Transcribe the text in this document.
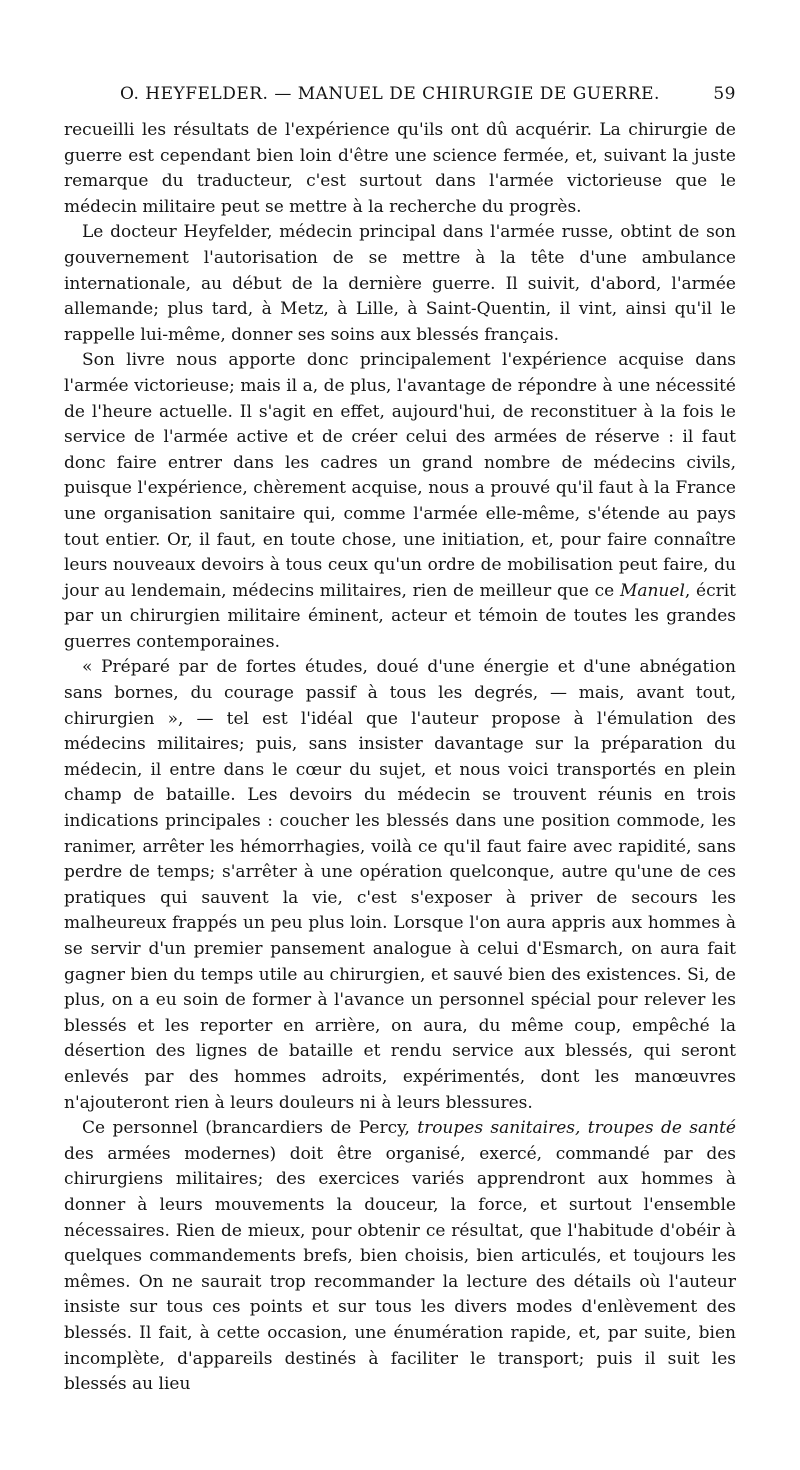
O. HEYFELDER. — MANUEL DE CHIRURGIE DE GUERRE.	59

recueilli les résultats de l'expérience qu'ils ont dû acquérir. La chirurgie de guerre est cependant bien loin d'être une science fermée, et, suivant la juste remarque du traducteur, c'est surtout dans l'armée victorieuse que le médecin militaire peut se mettre à la recherche du progrès.

Le docteur Heyfelder, médecin principal dans l'armée russe, obtint de son gouvernement l'autorisation de se mettre à la tête d'une ambulance internationale, au début de la dernière guerre. Il suivit, d'abord, l'armée allemande; plus tard, à Metz, à Lille, à Saint-Quentin, il vint, ainsi qu'il le rappelle lui-même, donner ses soins aux blessés français.

Son livre nous apporte donc principalement l'expérience acquise dans l'armée victorieuse; mais il a, de plus, l'avantage de répondre à une nécessité de l'heure actuelle. Il s'agit en effet, aujourd'hui, de reconstituer à la fois le service de l'armée active et de créer celui des armées de réserve : il faut donc faire entrer dans les cadres un grand nombre de médecins civils, puisque l'expérience, chèrement acquise, nous a prouvé qu'il faut à la France une organisation sanitaire qui, comme l'armée elle-même, s'étende au pays tout entier. Or, il faut, en toute chose, une initiation, et, pour faire connaître leurs nouveaux devoirs à tous ceux qu'un ordre de mobilisation peut faire, du jour au lendemain, médecins militaires, rien de meilleur que ce Manuel, écrit par un chirurgien militaire éminent, acteur et témoin de toutes les grandes guerres contemporaines.

« Préparé par de fortes études, doué d'une énergie et d'une abnégation sans bornes, du courage passif à tous les degrés, — mais, avant tout, chirurgien », — tel est l'idéal que l'auteur propose à l'émulation des médecins militaires; puis, sans insister davantage sur la préparation du médecin, il entre dans le cœur du sujet, et nous voici transportés en plein champ de bataille. Les devoirs du médecin se trouvent réunis en trois indications principales : coucher les blessés dans une position commode, les ranimer, arrêter les hémorrhagies, voilà ce qu'il faut faire avec rapidité, sans perdre de temps; s'arrêter à une opération quelconque, autre qu'une de ces pratiques qui sauvent la vie, c'est s'exposer à priver de secours les malheureux frappés un peu plus loin. Lorsque l'on aura appris aux hommes à se servir d'un premier pansement analogue à celui d'Esmarch, on aura fait gagner bien du temps utile au chirurgien, et sauvé bien des existences. Si, de plus, on a eu soin de former à l'avance un personnel spécial pour relever les blessés et les reporter en arrière, on aura, du même coup, empêché la désertion des lignes de bataille et rendu service aux blessés, qui seront enlevés par des hommes adroits, expérimentés, dont les manœuvres n'ajouteront rien à leurs douleurs ni à leurs blessures.

Ce personnel (brancardiers de Percy, troupes sanitaires, troupes de santé des armées modernes) doit être organisé, exercé, commandé par des chirurgiens militaires; des exercices variés apprendront aux hommes à donner à leurs mouvements la douceur, la force, et surtout l'ensemble nécessaires. Rien de mieux, pour obtenir ce résultat, que l'habitude d'obéir à quelques commandements brefs, bien choisis, bien articulés, et toujours les mêmes. On ne saurait trop recommander la lecture des détails où l'auteur insiste sur tous ces points et sur tous les divers modes d'enlèvement des blessés. Il fait, à cette occasion, une énumération rapide, et, par suite, bien incomplète, d'appareils destinés à faciliter le transport; puis il suit les blessés au lieu
